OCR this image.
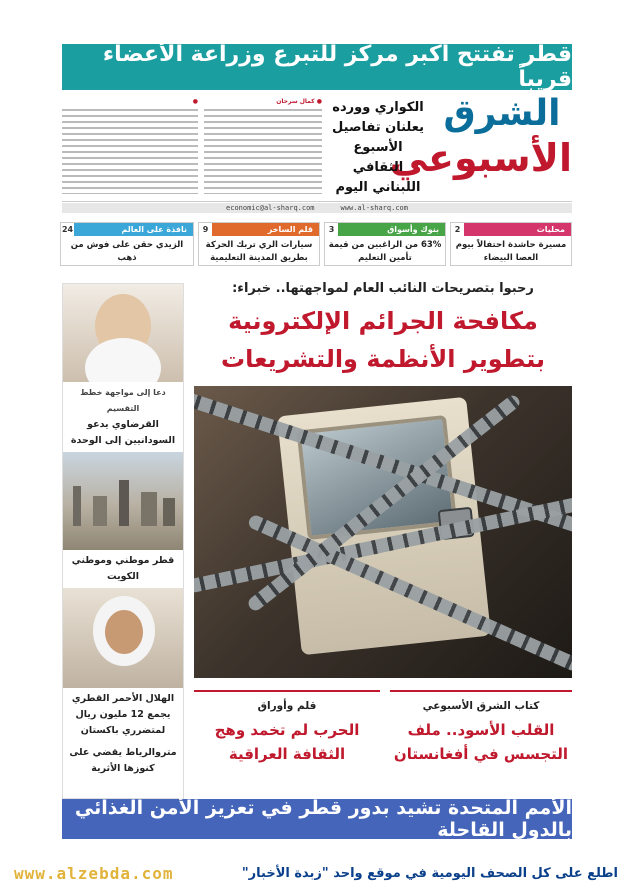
قطر تفتتح أكبر مركز للتبرع وزراعة الأعضاء قريباً
الشرق
الأسبوعي
الكواري وورده يعلنان تفاصيل الأسبوع الثقافي اللبناني اليوم
● كمال سرحان
●
economic@al-sharq.com	www.al-sharq.com
محليات
2
مسيرة حاشدة احتفالاً بيوم العصا البيضاء
بنوك وأسواق
3
63% من الراغبين من قيمة تأمين التعليم
قلم الساخر
9
سيارات الري تربك الحركة بطريق المدينة التعليمية
نافذة على العالم
24
الزيدي حقن على فوش من ذهب
رحبوا بتصريحات النائب العام لمواجهتها.. خبراء:
مكافحة الجرائم الإلكترونية
بتطوير الأنظمة والتشريعات
دعا إلى مواجهة خطط التقسيم
القرضاوي يدعو السودانيين إلى الوحدة
قطر موطني وموطني الكويت
الهلال الأحمر القطري يجمع 12 مليون ريال لمتضرري باكستان
متروالرياط يقضي على كنوزها الأثرية
كتاب الشرق الأسبوعي
القلب الأسود.. ملف التجسس في أفغانستان
قلم وأوراق
الحرب لم تخمد وهج الثقافة العراقية
الأمم المتحدة تشيد بدور قطر في تعزيز الأمن الغذائي بالدول القاحلة
اطلع على كل الصحف اليومية في موقع واحد "زبدة الأخبار"
www.alzebda.com
